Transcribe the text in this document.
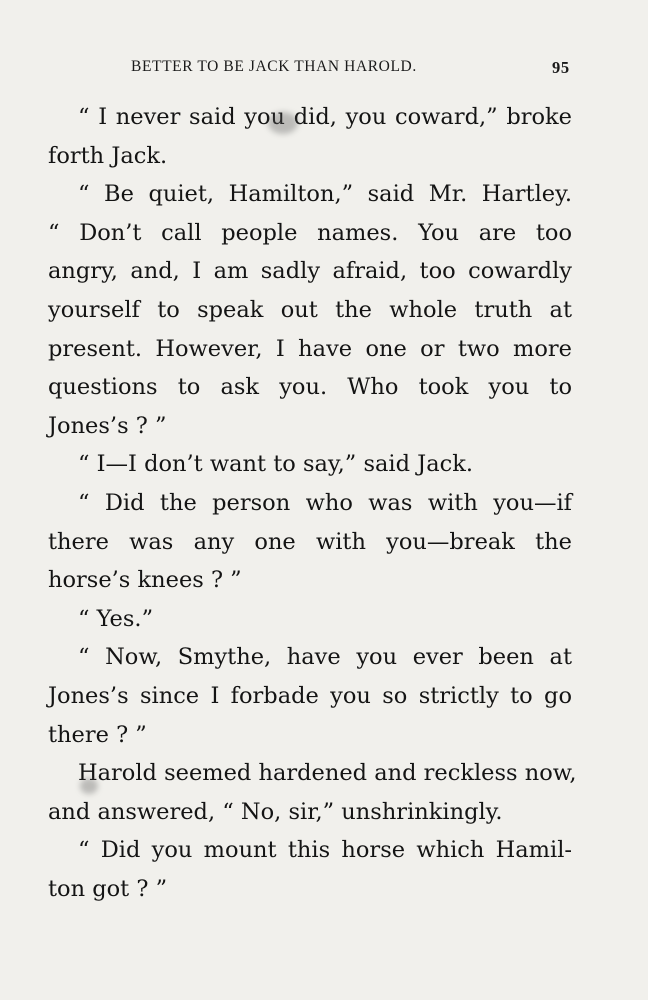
BETTER TO BE JACK THAN HAROLD.	95
“ I never said you did, you coward,” broke
forth Jack.
“ Be quiet, Hamilton,” said Mr. Hartley.
“ Don’t call people names. You are too
angry, and, I am sadly afraid, too cowardly
yourself to speak out the whole truth at
present. However, I have one or two more
questions to ask you. Who took you to
Jones’s ? ”
“ I—I don’t want to say,” said Jack.
“ Did the person who was with you—if
there was any one with you—break the
horse’s knees ? ”
“ Yes.”
“ Now, Smythe, have you ever been at
Jones’s since I forbade you so strictly to go
there ? ”
Harold seemed hardened and reckless now,
and answered, “ No, sir,” unshrinkingly.
“ Did you mount this horse which Hamil-
ton got ? ”
